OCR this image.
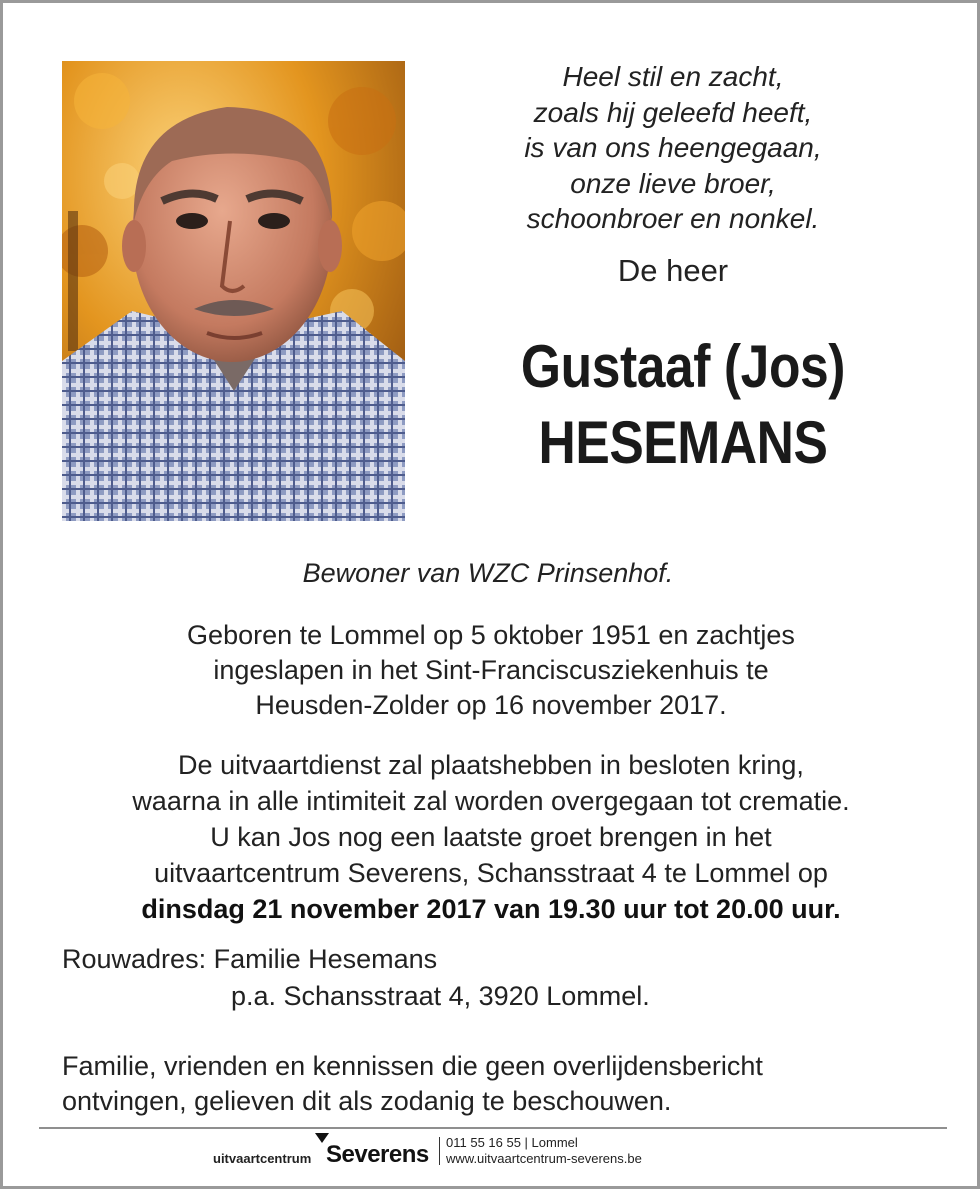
Heel stil en zacht,
zoals hij geleefd heeft,
is van ons heengegaan,
onze lieve broer,
schoonbroer en nonkel.
De heer
Gustaaf (Jos)
HESEMANS
Bewoner van WZC Prinsenhof.
Geboren te Lommel op 5 oktober 1951 en zachtjes
ingeslapen in het Sint-Franciscusziekenhuis te
Heusden-Zolder op 16 november 2017.
De uitvaartdienst zal plaatshebben in besloten kring,
waarna in alle intimiteit zal worden overgegaan tot crematie.
U kan Jos nog een laatste groet brengen in het
uitvaartcentrum Severens, Schansstraat 4 te Lommel op
dinsdag 21 november 2017 van 19.30 uur tot 20.00 uur.
Rouwadres: Familie Hesemans
p.a. Schansstraat 4, 3920 Lommel.
Familie, vrienden en kennissen die geen overlijdensbericht
ontvingen, gelieven dit als zodanig te beschouwen.
uitvaartcentrum Severens 011 55 16 55 | Lommel
www.uitvaartcentrum-severens.be
